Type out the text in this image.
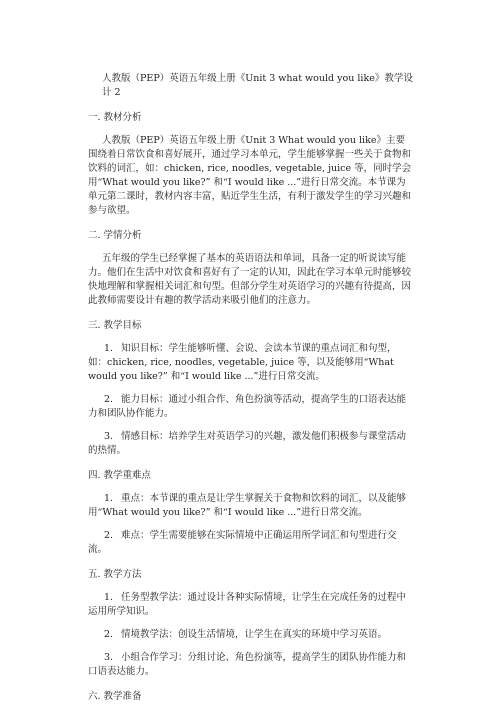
人教版（PEP）英语五年级上册《Unit 3 what would you like》教学设计 2

一. 教材分析

人教版（PEP）英语五年级上册《Unit 3 What would you like》主要围绕着日常饮食和喜好展开，通过学习本单元，学生能够掌握一些关于食物和饮料的词汇，如：chicken, rice, noodles, vegetable, juice 等，同时学会用“What would you like?” 和“I would like ...”进行日常交流。本节课为单元第二课时，教材内容丰富，贴近学生生活，有利于激发学生的学习兴趣和参与欲望。

二. 学情分析

五年级的学生已经掌握了基本的英语语法和单词，具备一定的听说读写能力。他们在生活中对饮食和喜好有了一定的认知，因此在学习本单元时能够较快地理解和掌握相关词汇和句型。但部分学生对英语学习的兴趣有待提高，因此教师需要设计有趣的教学活动来吸引他们的注意力。

三. 教学目标

1. 知识目标：学生能够听懂、会说、会读本节课的重点词汇和句型，如：chicken, rice, noodles, vegetable, juice 等，以及能够用“What would you like?” 和“I would like ...”进行日常交流。

2. 能力目标：通过小组合作、角色扮演等活动，提高学生的口语表达能力和团队协作能力。

3. 情感目标：培养学生对英语学习的兴趣，激发他们积极参与课堂活动的热情。

四. 教学重难点

1. 重点：本节课的重点是让学生掌握关于食物和饮料的词汇，以及能够用“What would you like?” 和“I would like ...”进行日常交流。

2. 难点：学生需要能够在实际情境中正确运用所学词汇和句型进行交流。

五. 教学方法

1. 任务型教学法：通过设计各种实际情境，让学生在完成任务的过程中运用所学知识。

2. 情境教学法：创设生活情境，让学生在真实的环境中学习英语。

3. 小组合作学习：分组讨论、角色扮演等，提高学生的团队协作能力和口语表达能力。

六. 教学准备
